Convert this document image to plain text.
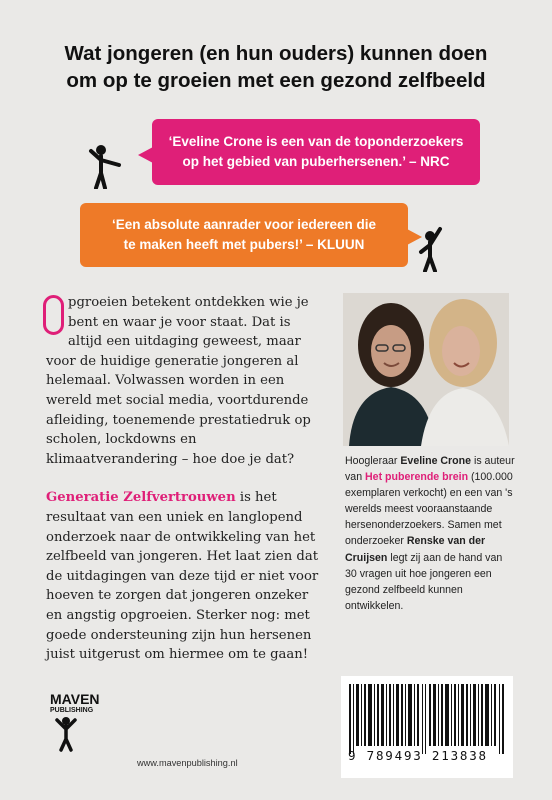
Wat jongeren (en hun ouders) kunnen doen
om op te groeien met een gezond zelfbeeld
‘Eveline Crone is een van de toponderzoekers
op het gebied van puberhersenen.’ – NRC
‘Een absolute aanrader voor iedereen die
te maken heeft met pubers!’ – KLUUN

pgroeien betekent ontdekken wie je bent en waar je voor staat. Dat is altijd een uitdaging geweest, maar voor de huidige generatie jongeren al helemaal. Volwassen worden in een wereld met social media, voortdurende afleiding, toenemende prestatiedruk op scholen, lockdowns en klimaatverandering – hoe doe je dat?

Generatie Zelfvertrouwen is het resultaat van een uniek en langlopend onderzoek naar de ontwikkeling van het zelfbeeld van jongeren. Het laat zien dat de uitdagingen van deze tijd er niet voor hoeven te zorgen dat jongeren onzeker en angstig opgroeien. Sterker nog: met goede ondersteuning zijn hun hersenen juist uitgerust om hiermee om te gaan!

Hoogleraar Eveline Crone is auteur van Het puberende brein (100.000 exemplaren verkocht) en een van 's werelds meest vooraanstaande hersenonderzoekers. Samen met onderzoeker Renske van der Cruijsen legt zij aan de hand van 30 vragen uit hoe jongeren een gezond zelfbeeld kunnen ontwikkelen.
MAVEN
PUBLISHING
www.mavenpublishing.nl	9 789493 213838
